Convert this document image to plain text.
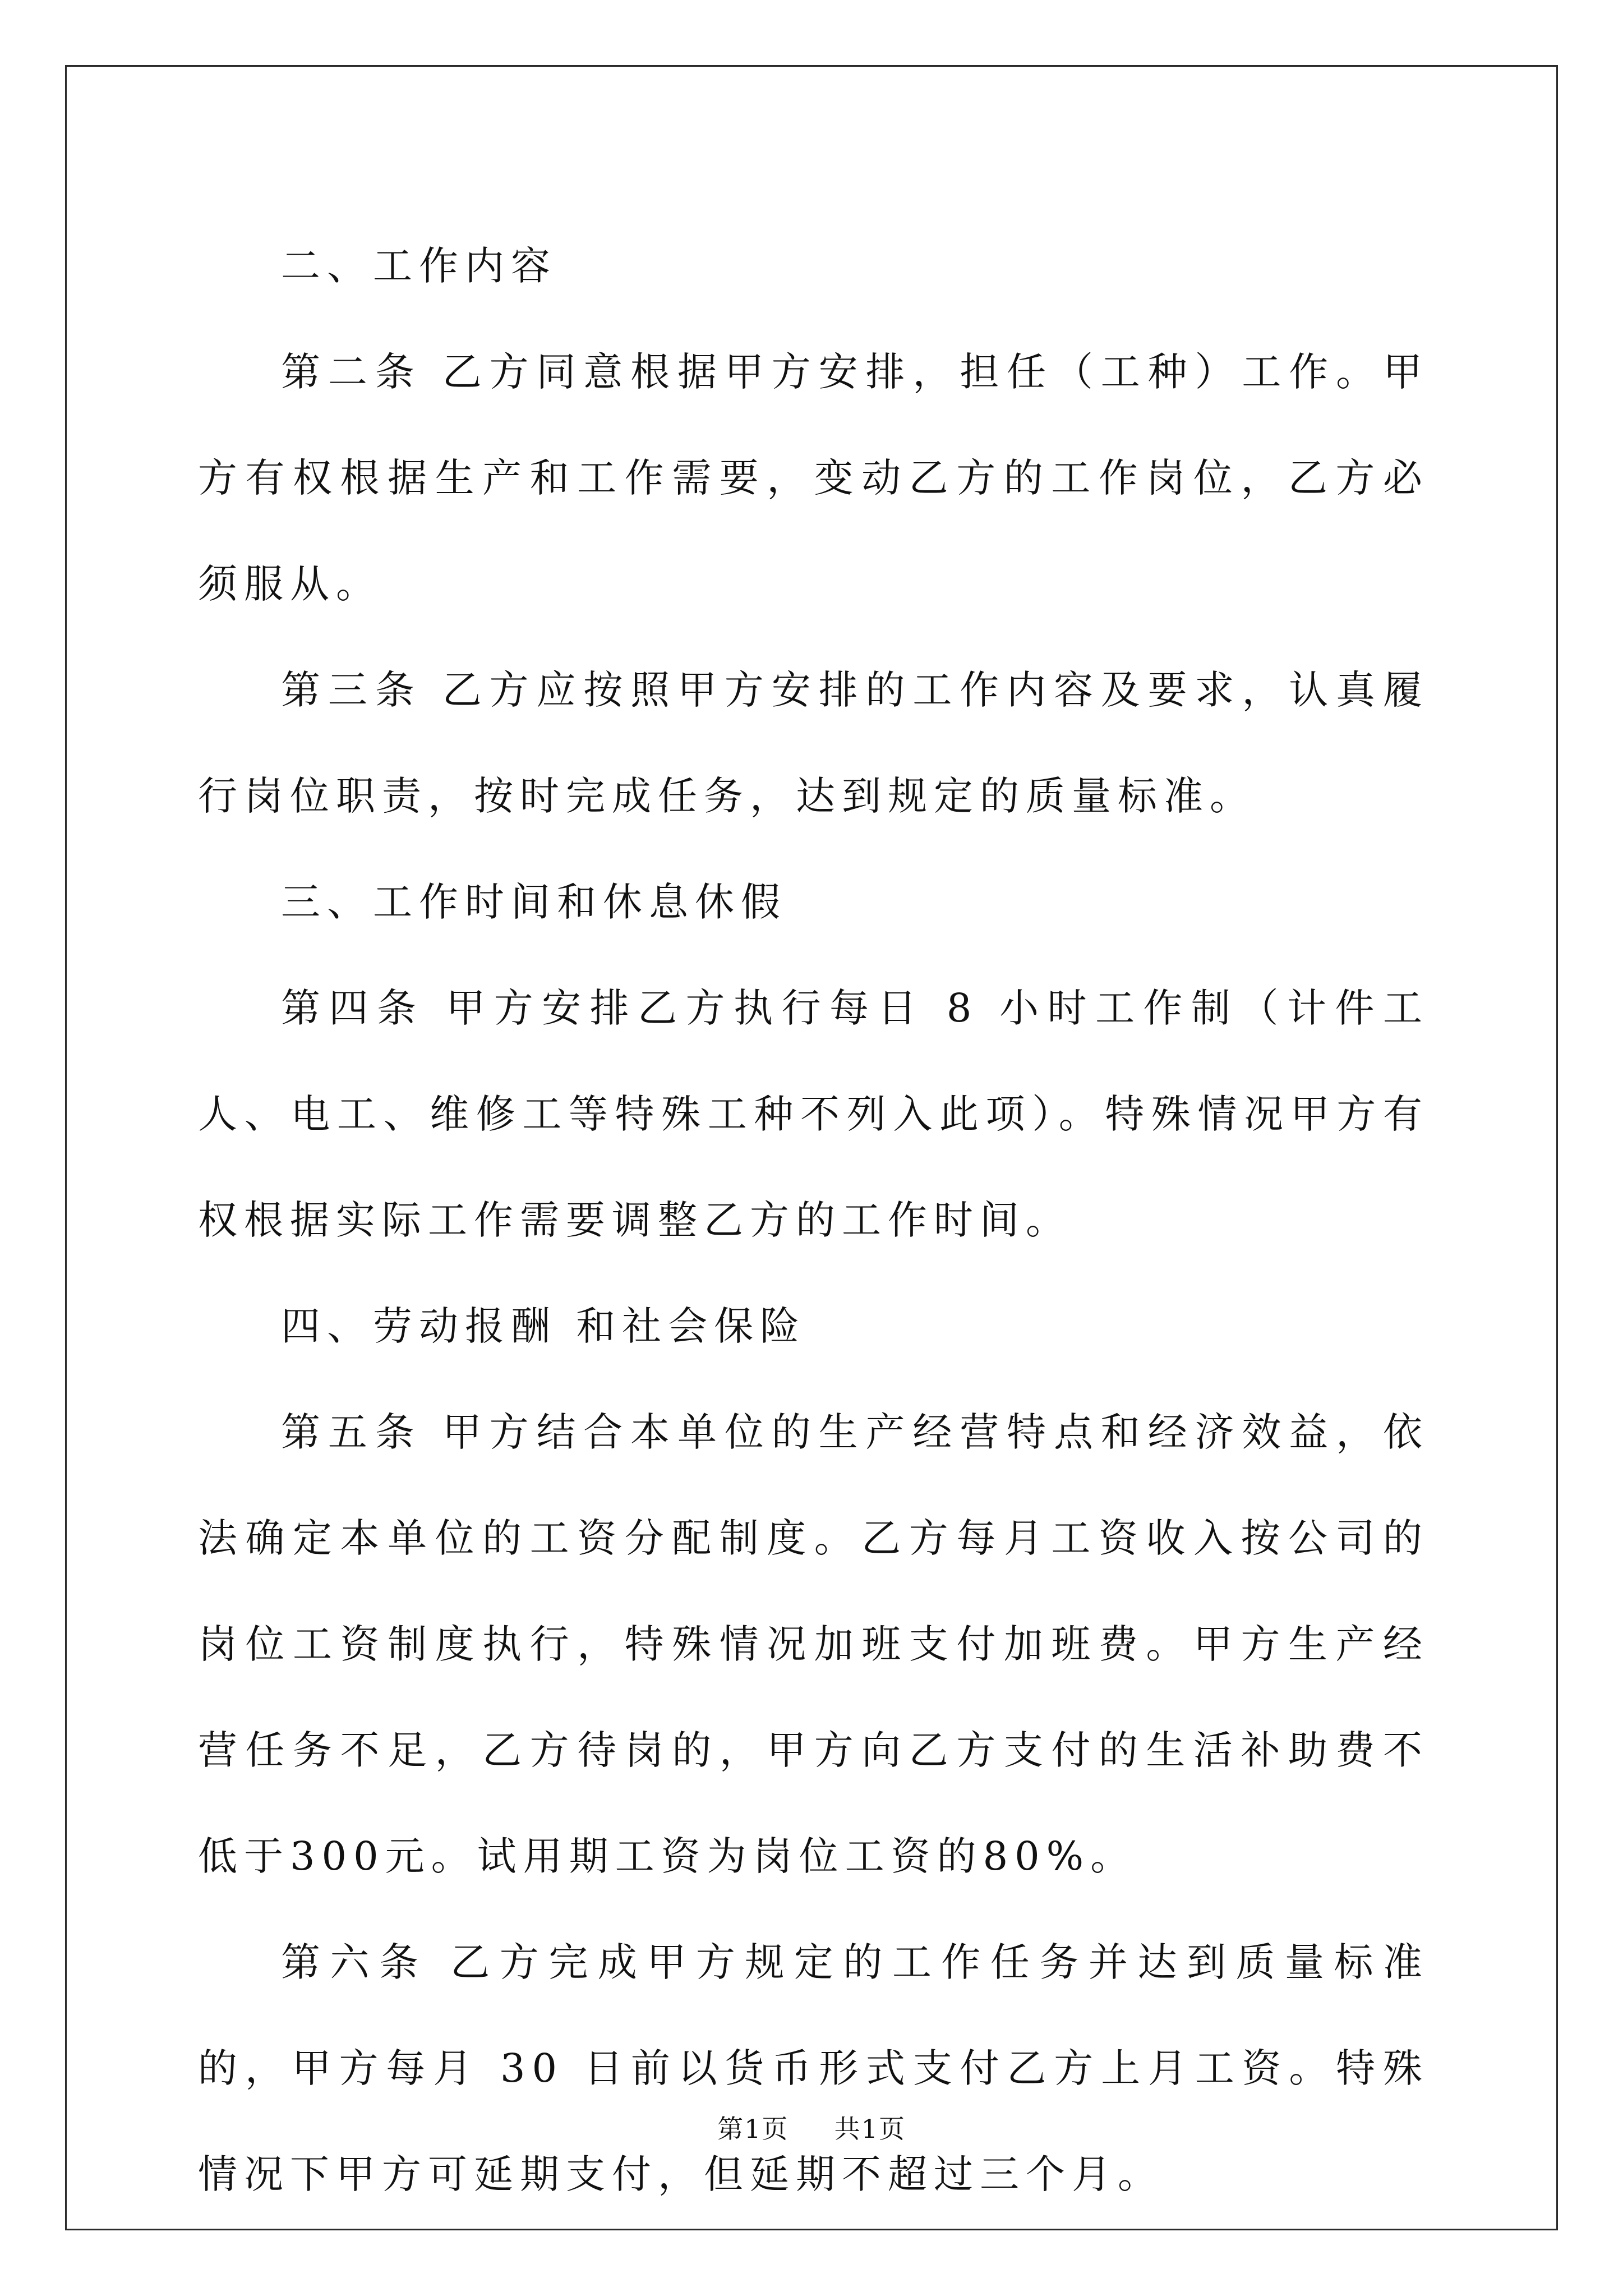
二、工作内容

第二条 乙方同意根据甲方安排，担任（工种）工作。甲方有权根据生产和工作需要，变动乙方的工作岗位，乙方必须服从。

第三条 乙方应按照甲方安排的工作内容及要求，认真履行岗位职责，按时完成任务，达到规定的质量标准。

三、工作时间和休息休假

第四条 甲方安排乙方执行每日 8 小时工作制（计件工人、电工、维修工等特殊工种不列入此项）。特殊情况甲方有权根据实际工作需要调整乙方的工作时间。

四、劳动报酬 和社会保险

第五条 甲方结合本单位的生产经营特点和经济效益，依法确定本单位的工资分配制度。乙方每月工资收入按公司的岗位工资制度执行，特殊情况加班支付加班费。甲方生产经营任务不足，乙方待岗的，甲方向乙方支付的生活补助费不低于300元。试用期工资为岗位工资的80%。

第六条 乙方完成甲方规定的工作任务并达到质量标准的，甲方每月 30 日前以货币形式支付乙方上月工资。特殊情况下甲方可延期支付，但延期不超过三个月。

第1页 共1页
